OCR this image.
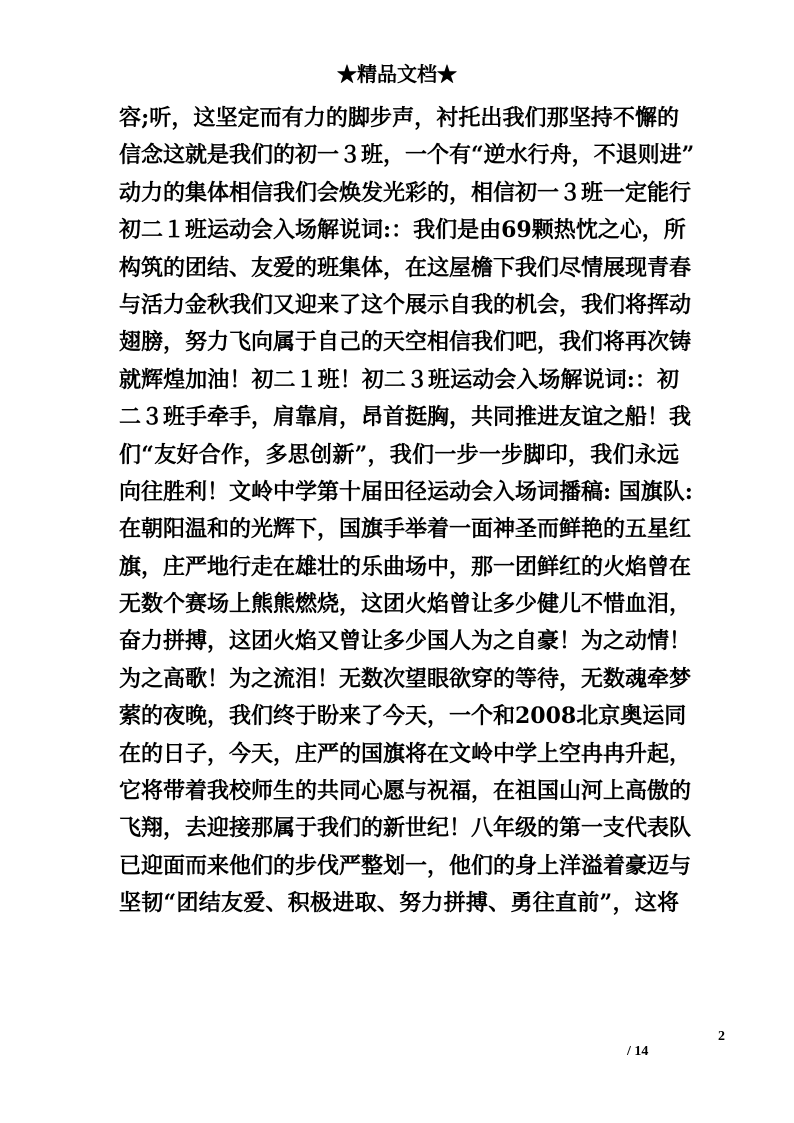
★精品文档★
容;听，这坚定而有力的脚步声，衬托出我们那坚持不懈的
信念这就是我们的初一３班，一个有“逆水行舟，不退则进”
动力的集体相信我们会焕发光彩的，相信初一３班一定能行
初二１班运动会入场解说词:：我们是由69颗热忱之心，所
构筑的团结、友爱的班集体，在这屋檐下我们尽情展现青春
与活力金秋我们又迎来了这个展示自我的机会，我们将挥动
翅膀，努力飞向属于自己的天空相信我们吧，我们将再次铸
就辉煌加油！初二１班！初二３班运动会入场解说词:：初
二３班手牵手，肩靠肩，昂首挺胸，共同推进友谊之船！我
们“友好合作，多思创新”，我们一步一步脚印，我们永远
向往胜利！文岭中学第十届田径运动会入场词播稿: 国旗队:
在朝阳温和的光辉下，国旗手举着一面神圣而鲜艳的五星红
旗，庄严地行走在雄壮的乐曲场中，那一团鲜红的火焰曾在
无数个赛场上熊熊燃烧，这团火焰曾让多少健儿不惜血泪，
奋力拼搏，这团火焰又曾让多少国人为之自豪！为之动情！
为之高歌！为之流泪！无数次望眼欲穿的等待，无数魂牵梦
萦的夜晚，我们终于盼来了今天，一个和2008北京奥运同
在的日子，今天，庄严的国旗将在文岭中学上空冉冉升起，
它将带着我校师生的共同心愿与祝福，在祖国山河上高傲的
飞翔，去迎接那属于我们的新世纪！八年级的第一支代表队
已迎面而来他们的步伐严整划一，他们的身上洋溢着豪迈与
坚韧“团结友爱、积极进取、努力拼搏、勇往直前”，这将
2
/ 14
